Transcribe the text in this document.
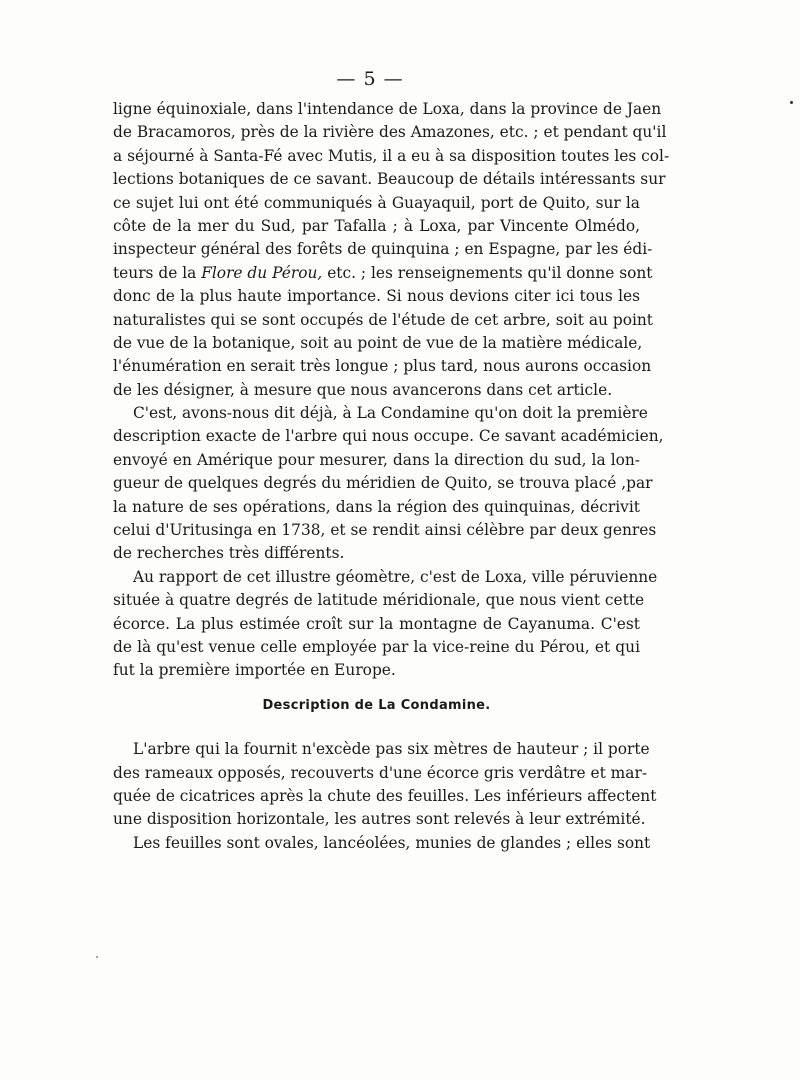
— 5 —
ligne équinoxiale, dans l'intendance de Loxa, dans la province de Jaen
de Bracamoros, près de la rivière des Amazones, etc. ; et pendant qu'il
a séjourné à Santa-Fé avec Mutis, il a eu à sa disposition toutes les col-
lections botaniques de ce savant. Beaucoup de détails intéressants sur
ce sujet lui ont été communiqués à Guayaquil, port de Quito, sur la
côte de la mer du Sud, par Tafalla ; à Loxa, par Vincente Olmédo,
inspecteur général des forêts de quinquina ; en Espagne, par les édi-
teurs de la Flore du Pérou, etc. ; les renseignements qu'il donne sont
donc de la plus haute importance. Si nous devions citer ici tous les
naturalistes qui se sont occupés de l'étude de cet arbre, soit au point
de vue de la botanique, soit au point de vue de la matière médicale,
l'énumération en serait très longue ; plus tard, nous aurons occasion
de les désigner, à mesure que nous avancerons dans cet article.
C'est, avons-nous dit déjà, à La Condamine qu'on doit la première
description exacte de l'arbre qui nous occupe. Ce savant académicien,
envoyé en Amérique pour mesurer, dans la direction du sud, la lon-
gueur de quelques degrés du méridien de Quito, se trouva placé ,par
la nature de ses opérations, dans la région des quinquinas, décrivit
celui d'Uritusinga en 1738, et se rendit ainsi célèbre par deux genres
de recherches très différents.
Au rapport de cet illustre géomètre, c'est de Loxa, ville péruvienne
située à quatre degrés de latitude méridionale, que nous vient cette
écorce. La plus estimée croît sur la montagne de Cayanuma. C'est
de là qu'est venue celle employée par la vice-reine du Pérou, et qui
fut la première importée en Europe.
Description de La Condamine.
L'arbre qui la fournit n'excède pas six mètres de hauteur ; il porte
des rameaux opposés, recouverts d'une écorce gris verdâtre et mar-
quée de cicatrices après la chute des feuilles. Les inférieurs affectent
une disposition horizontale, les autres sont relevés à leur extrémité.
Les feuilles sont ovales, lancéolées, munies de glandes ; elles sont
